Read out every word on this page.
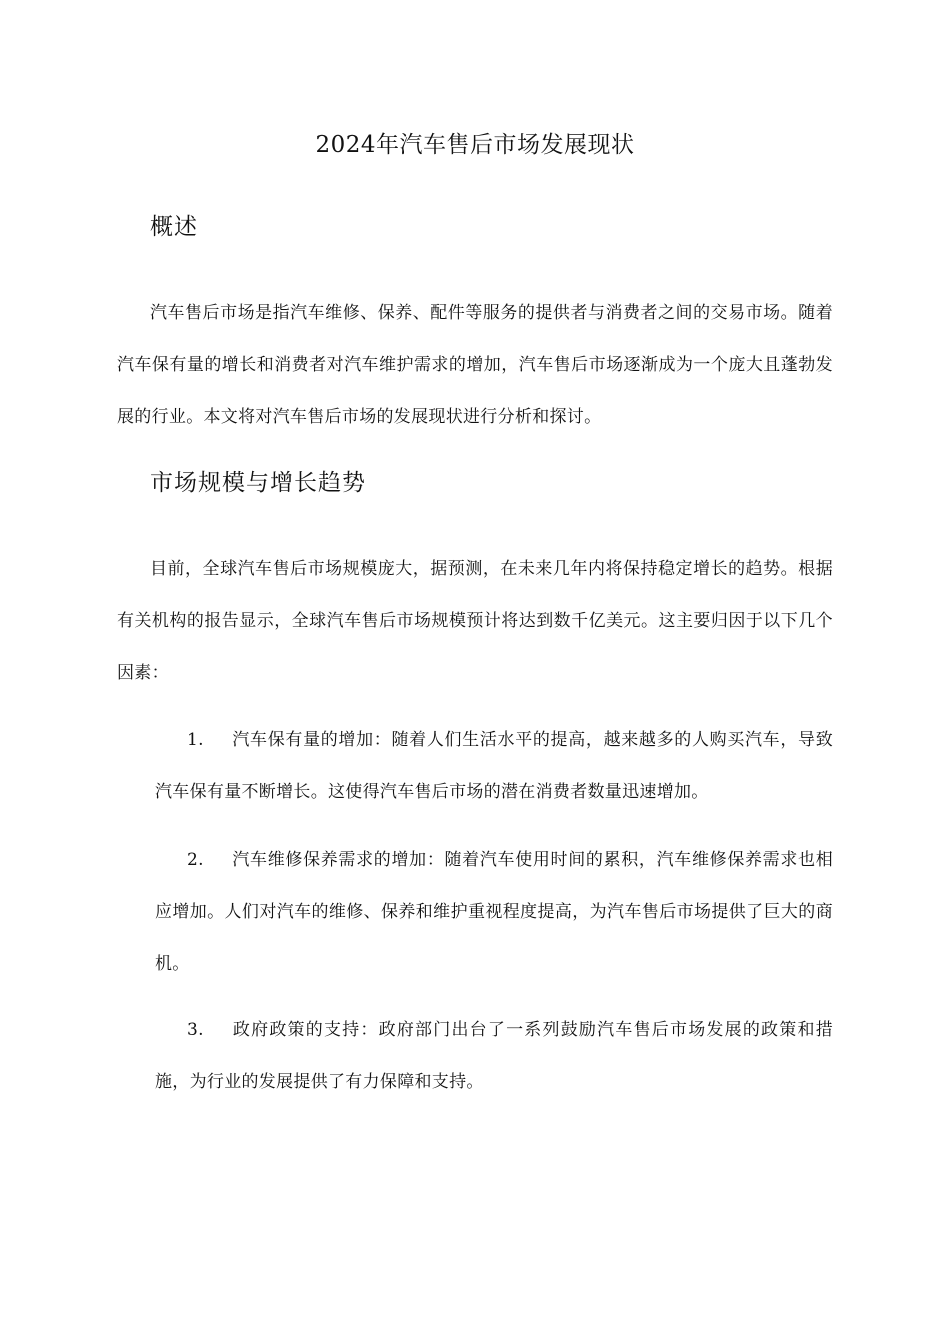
2024年汽车售后市场发展现状
概述

汽车售后市场是指汽车维修、保养、配件等服务的提供者与消费者之间的交易市场。随着汽车保有量的增长和消费者对汽车维护需求的增加，汽车售后市场逐渐成为一个庞大且蓬勃发展的行业。本文将对汽车售后市场的发展现状进行分析和探讨。

市场规模与增长趋势

目前，全球汽车售后市场规模庞大，据预测，在未来几年内将保持稳定增长的趋势。根据有关机构的报告显示，全球汽车售后市场规模预计将达到数千亿美元。这主要归因于以下几个因素：

1. 汽车保有量的增加：随着人们生活水平的提高，越来越多的人购买汽车，导致汽车保有量不断增长。这使得汽车售后市场的潜在消费者数量迅速增加。

2. 汽车维修保养需求的增加：随着汽车使用时间的累积，汽车维修保养需求也相应增加。人们对汽车的维修、保养和维护重视程度提高，为汽车售后市场提供了巨大的商机。

3. 政府政策的支持：政府部门出台了一系列鼓励汽车售后市场发展的政策和措施，为行业的发展提供了有力保障和支持。
